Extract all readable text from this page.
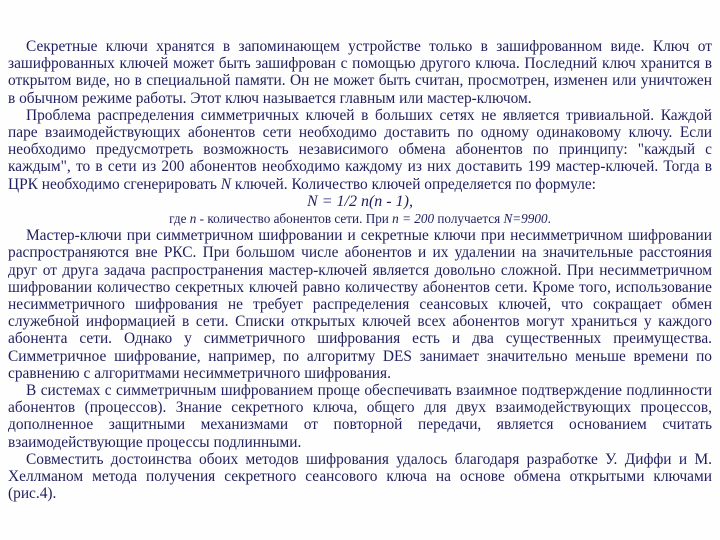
Секретные ключи хранятся в запоминающем устройстве только в зашифрованном виде. Ключ от зашифрованных ключей может быть зашифрован с помощью другого ключа. Последний ключ хранится в открытом виде, но в специальной памяти. Он не может быть считан, просмотрен, изменен или уничтожен в обычном режиме работы. Этот ключ называется главным или мастер-ключом.

Проблема распределения симметричных ключей в больших сетях не является тривиальной. Каждой паре взаимодействующих абонентов сети необходимо доставить по одному одинаковому ключу. Если необходимо предусмотреть возможность независимого обмена абонентов по принципу: "каждый с каждым", то в сети из 200 абонентов необходимо каждому из них доставить 199 мастер-ключей. Тогда в ЦРК необходимо сгенерировать N ключей. Количество ключей определяется по формуле:

N = 1/2 n(n - 1),
где n - количество абонентов сети. При n = 200 получается N=9900.

Мастер-ключи при симметричном шифровании и секретные ключи при несимметричном шифровании распространяются вне РКС. При большом числе абонентов и их удалении на значительные расстояния друг от друга задача распространения мастер-ключей является довольно сложной. При несимметричном шифровании количество секретных ключей равно количеству абонентов сети. Кроме того, использование несимметричного шифрования не требует распределения сеансовых ключей, что сокращает обмен служебной информацией в сети. Списки открытых ключей всех абонентов могут храниться у каждого абонента сети. Однако у симметричного шифрования есть и два существенных преимущества. Симметричное шифрование, например, по алгоритму DES занимает значительно меньше времени по сравнению с алгоритмами несимметричного шифрования.

В системах с симметричным шифрованием проще обеспечивать взаимное подтверждение подлинности абонентов (процессов). Знание секретного ключа, общего для двух взаимодействующих процессов, дополненное защитными механизмами от повторной передачи, является основанием считать взаимодействующие процессы подлинными.

Совместить достоинства обоих методов шифрования удалось благодаря разработке У. Диффи и М. Хеллманом метода получения секретного сеансового ключа на основе обмена открытыми ключами (рис.4).
